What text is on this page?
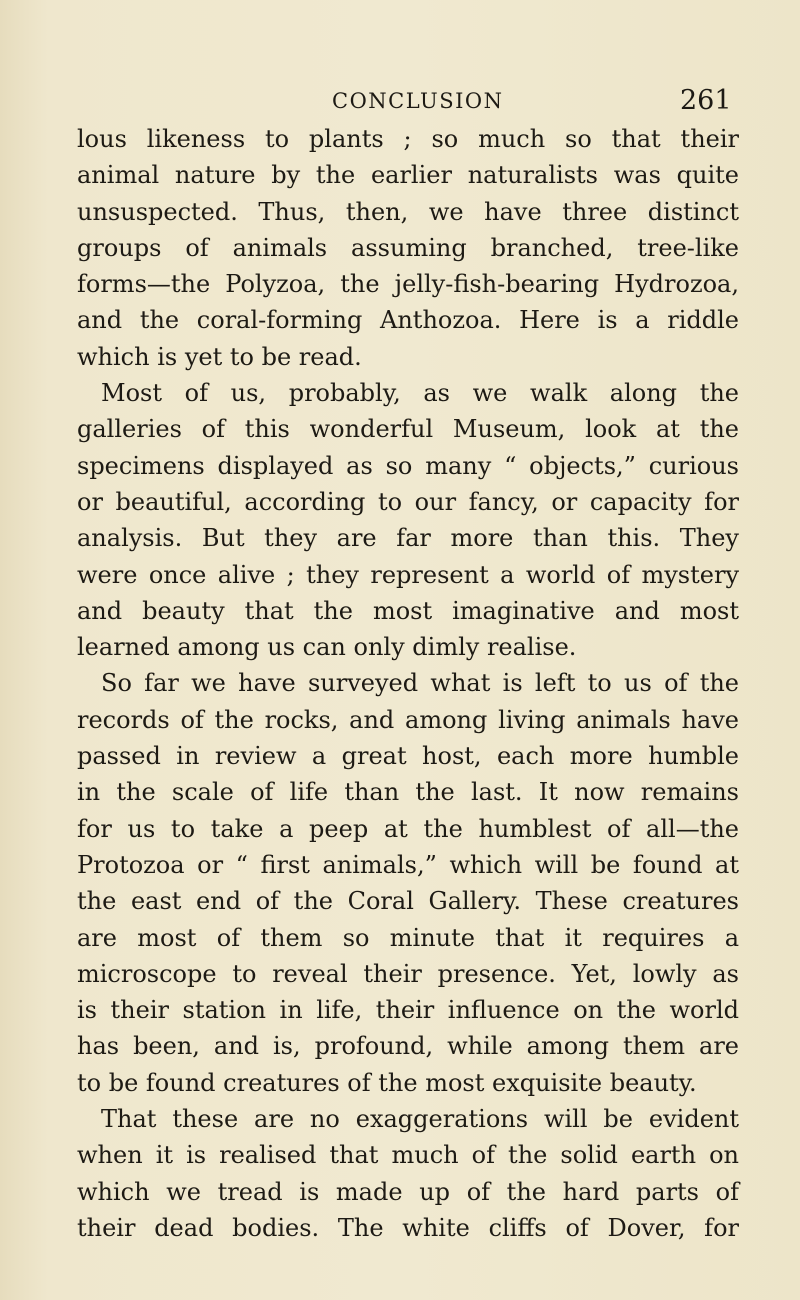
CONCLUSION	261
lous likeness to plants ; so much so that their
animal nature by the earlier naturalists was quite
unsuspected. Thus, then, we have three distinct
groups of animals assuming branched, tree-like
forms—the Polyzoa, the jelly-fish-bearing Hydrozoa,
and the coral-forming Anthozoa. Here is a riddle
which is yet to be read.
Most of us, probably, as we walk along the
galleries of this wonderful Museum, look at the
specimens displayed as so many “ objects,” curious
or beautiful, according to our fancy, or capacity for
analysis. But they are far more than this. They
were once alive ; they represent a world of mystery
and beauty that the most imaginative and most
learned among us can only dimly realise.
So far we have surveyed what is left to us of the
records of the rocks, and among living animals have
passed in review a great host, each more humble
in the scale of life than the last. It now remains
for us to take a peep at the humblest of all—the
Protozoa or “ first animals,” which will be found at
the east end of the Coral Gallery. These creatures
are most of them so minute that it requires a
microscope to reveal their presence. Yet, lowly as
is their station in life, their influence on the world
has been, and is, profound, while among them are
to be found creatures of the most exquisite beauty.
That these are no exaggerations will be evident
when it is realised that much of the solid earth on
which we tread is made up of the hard parts of
their dead bodies. The white cliffs of Dover, for
